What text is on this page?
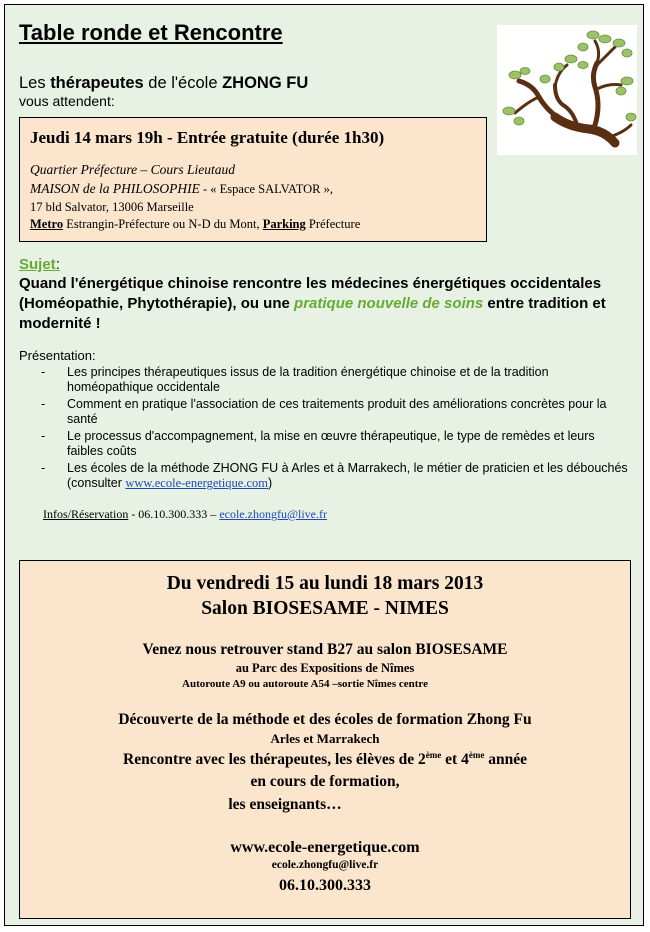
Table ronde et Rencontre
Les thérapeutes de l'école ZHONG FU
vous attendent:
Jeudi 14 mars 19h - Entrée gratuite (durée 1h30)
Quartier Préfecture – Cours Lieutaud
MAISON de la PHILOSOPHIE - « Espace SALVATOR »,
17 bld Salvator, 13006 Marseille
Metro Estrangin-Préfecture ou N-D du Mont, Parking Préfecture
Sujet:
Quand l'énergétique chinoise rencontre les médecines énergétiques occidentales (Homéopathie, Phytothérapie), ou une pratique nouvelle de soins entre tradition et modernité !
Présentation:
- Les principes thérapeutiques issus de la tradition énergétique chinoise et de la tradition homéopathique occidentale
- Comment en pratique l'association de ces traitements produit des améliorations concrètes pour la santé
- Le processus d'accompagnement, la mise en œuvre thérapeutique, le type de remèdes et leurs faibles coûts
- Les écoles de la méthode ZHONG FU à Arles et à Marrakech, le métier de praticien et les débouchés (consulter www.ecole-energetique.com)
Infos/Réservation - 06.10.300.333 – ecole.zhongfu@live.fr
Du vendredi 15 au lundi 18 mars 2013
Salon BIOSESAME - NIMES
Venez nous retrouver stand B27 au salon BIOSESAME
au Parc des Expositions de Nîmes
Autoroute A9 ou autoroute A54 –sortie Nîmes centre
Découverte de la méthode et des écoles de formation Zhong Fu
Arles et Marrakech
Rencontre avec les thérapeutes, les élèves de 2ème et 4ème année
en cours de formation,
les enseignants…
www.ecole-energetique.com
ecole.zhongfu@live.fr
06.10.300.333
